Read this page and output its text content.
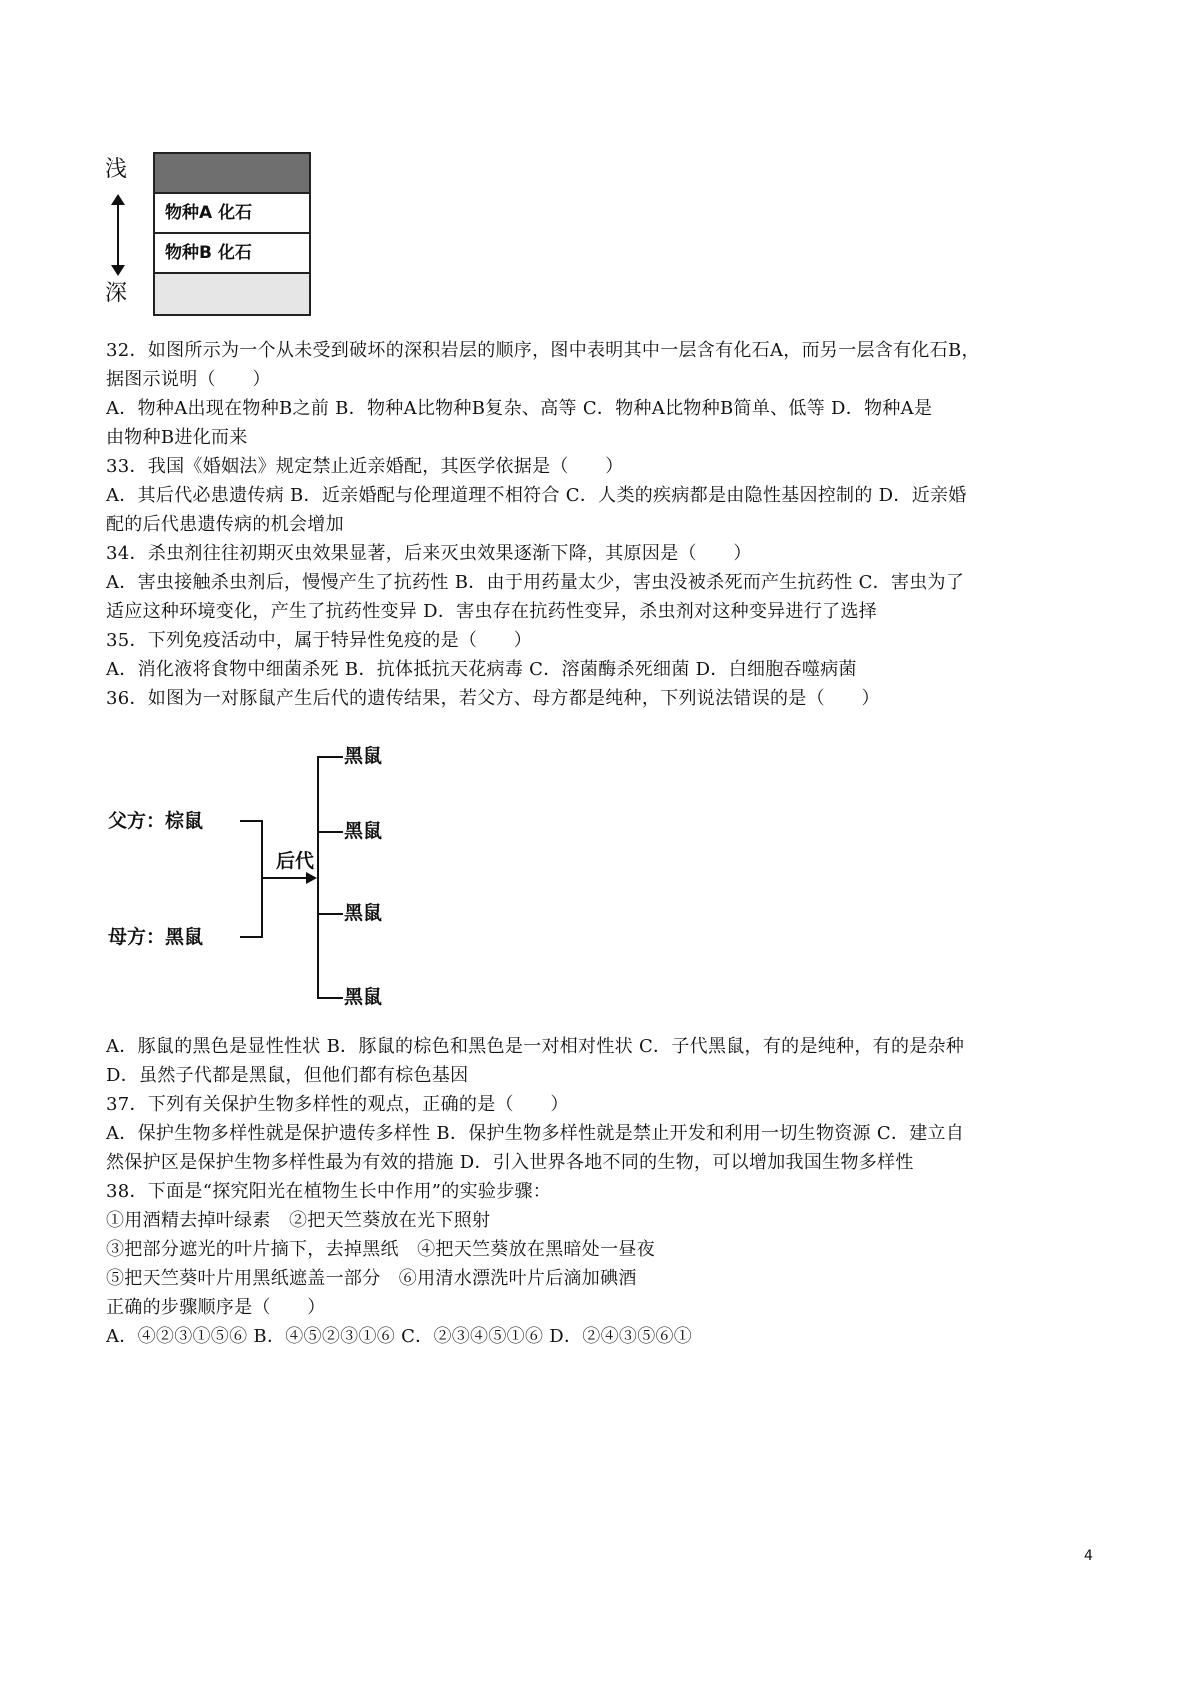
浅
深
物种A 化石
物种B 化石
32．如图所示为一个从未受到破坏的深积岩层的顺序，图中表明其中一层含有化石A，而另一层含有化石B，
据图示说明（　　）
A．物种A出现在物种B之前 B．物种A比物种B复杂、高等 C．物种A比物种B简单、低等 D．物种A是
由物种B进化而来
33．我国《婚姻法》规定禁止近亲婚配，其医学依据是（　　）
A．其后代必患遗传病 B．近亲婚配与伦理道理不相符合 C．人类的疾病都是由隐性基因控制的 D．近亲婚
配的后代患遗传病的机会增加
34．杀虫剂往往初期灭虫效果显著，后来灭虫效果逐渐下降，其原因是（　　）
A．害虫接触杀虫剂后，慢慢产生了抗药性 B．由于用药量太少，害虫没被杀死而产生抗药性 C．害虫为了
适应这种环境变化，产生了抗药性变异 D．害虫存在抗药性变异，杀虫剂对这种变异进行了选择
35．下列免疫活动中，属于特异性免疫的是（　　）
A．消化液将食物中细菌杀死 B．抗体抵抗天花病毒 C．溶菌酶杀死细菌 D．白细胞吞噬病菌
36．如图为一对豚鼠产生后代的遗传结果，若父方、母方都是纯种，下列说法错误的是（　　）
父方：棕鼠
母方：黑鼠
后代
黑鼠
黑鼠
黑鼠
黑鼠
A．豚鼠的黑色是显性性状 B．豚鼠的棕色和黑色是一对相对性状 C．子代黑鼠，有的是纯种，有的是杂种
D．虽然子代都是黑鼠，但他们都有棕色基因
37．下列有关保护生物多样性的观点，正确的是（　　）
A．保护生物多样性就是保护遗传多样性 B．保护生物多样性就是禁止开发和利用一切生物资源 C．建立自
然保护区是保护生物多样性最为有效的措施 D．引入世界各地不同的生物，可以增加我国生物多样性
38．下面是“探究阳光在植物生长中作用”的实验步骤：
①用酒精去掉叶绿素　②把天竺葵放在光下照射
③把部分遮光的叶片摘下，去掉黑纸　④把天竺葵放在黑暗处一昼夜
⑤把天竺葵叶片用黑纸遮盖一部分　⑥用清水漂洗叶片后滴加碘酒
正确的步骤顺序是（　　）
A．④②③①⑤⑥ B．④⑤②③①⑥ C．②③④⑤①⑥ D．②④③⑤⑥①
4
